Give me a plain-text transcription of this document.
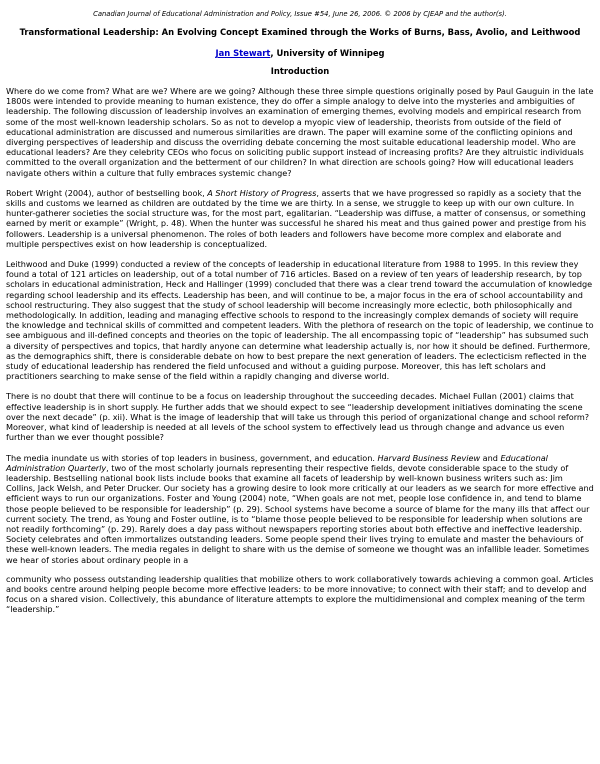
Canadian Journal of Educational Administration and Policy, Issue #54, June 26, 2006. © 2006 by CJEAP and the author(s).
Transformational Leadership: An Evolving Concept Examined through the Works of Burns, Bass, Avolio, and Leithwood
Jan Stewart, University of Winnipeg
Introduction

Where do we come from? What are we? Where are we going? Although these three simple questions originally posed by Paul Gauguin in the late 1800s were intended to provide meaning to human existence, they do offer a simple analogy to delve into the mysteries and ambiguities of leadership. The following discussion of leadership involves an examination of emerging themes, evolving models and empirical research from some of the most well-known leadership scholars. So as not to develop a myopic view of leadership, theorists from outside of the field of educational administration are discussed and numerous similarities are drawn. The paper will examine some of the conflicting opinions and diverging perspectives of leadership and discuss the overriding debate concerning the most suitable educational leadership model. Who are educational leaders? Are they celebrity CEOs who focus on soliciting public support instead of increasing profits? Are they altruistic individuals committed to the overall organization and the betterment of our children? In what direction are schools going? How will educational leaders navigate others within a culture that fully embraces systemic change?

Robert Wright (2004), author of bestselling book, A Short History of Progress, asserts that we have progressed so rapidly as a society that the skills and customs we learned as children are outdated by the time we are thirty. In a sense, we struggle to keep up with our own culture. In hunter-gatherer societies the social structure was, for the most part, egalitarian. “Leadership was diffuse, a matter of consensus, or something earned by merit or example” (Wright, p. 48). When the hunter was successful he shared his meat and thus gained power and prestige from his followers. Leadership is a universal phenomenon. The roles of both leaders and followers have become more complex and elaborate and multiple perspectives exist on how leadership is conceptualized.

Leithwood and Duke (1999) conducted a review of the concepts of leadership in educational literature from 1988 to 1995. In this review they found a total of 121 articles on leadership, out of a total number of 716 articles. Based on a review of ten years of leadership research, by top scholars in educational administration, Heck and Hallinger (1999) concluded that there was a clear trend toward the accumulation of knowledge regarding school leadership and its effects. Leadership has been, and will continue to be, a major focus in the era of school accountability and school restructuring. They also suggest that the study of school leadership will become increasingly more eclectic, both philosophically and methodologically. In addition, leading and managing effective schools to respond to the increasingly complex demands of society will require the knowledge and technical skills of committed and competent leaders. With the plethora of research on the topic of leadership, we continue to see ambiguous and ill-defined concepts and theories on the topic of leadership. The all encompassing topic of “leadership” has subsumed such a diversity of perspectives and topics, that hardly anyone can determine what leadership actually is, nor how it should be defined. Furthermore, as the demographics shift, there is considerable debate on how to best prepare the next generation of leaders. The eclecticism reflected in the study of educational leadership has rendered the field unfocused and without a guiding purpose. Moreover, this has left scholars and practitioners searching to make sense of the field within a rapidly changing and diverse world.

There is no doubt that there will continue to be a focus on leadership throughout the succeeding decades. Michael Fullan (2001) claims that effective leadership is in short supply. He further adds that we should expect to see “leadership development initiatives dominating the scene over the next decade” (p. xii). What is the image of leadership that will take us through this period of organizational change and school reform? Moreover, what kind of leadership is needed at all levels of the school system to effectively lead us through change and advance us even further than we ever thought possible?

The media inundate us with stories of top leaders in business, government, and education. Harvard Business Review and Educational Administration Quarterly, two of the most scholarly journals representing their respective fields, devote considerable space to the study of leadership. Bestselling national book lists include books that examine all facets of leadership by well-known business writers such as: Jim Collins, Jack Welsh, and Peter Drucker. Our society has a growing desire to look more critically at our leaders as we search for more effective and efficient ways to run our organizations. Foster and Young (2004) note, “When goals are not met, people lose confidence in, and tend to blame those people believed to be responsible for leadership” (p. 29). School systems have become a source of blame for the many ills that affect our current society. The trend, as Young and Foster outline, is to “blame those people believed to be responsible for leadership when solutions are not readily forthcoming” (p. 29). Rarely does a day pass without newspapers reporting stories about both effective and ineffective leadership. Society celebrates and often immortalizes outstanding leaders. Some people spend their lives trying to emulate and master the behaviours of these well-known leaders. The media regales in delight to share with us the demise of someone we thought was an infallible leader. Sometimes we hear of stories about ordinary people in a

community who possess outstanding leadership qualities that mobilize others to work collaboratively towards achieving a common goal. Articles and books centre around helping people become more effective leaders: to be more innovative; to connect with their staff; and to develop and focus on a shared vision. Collectively, this abundance of literature attempts to explore the multidimensional and complex meaning of the term “leadership.”
